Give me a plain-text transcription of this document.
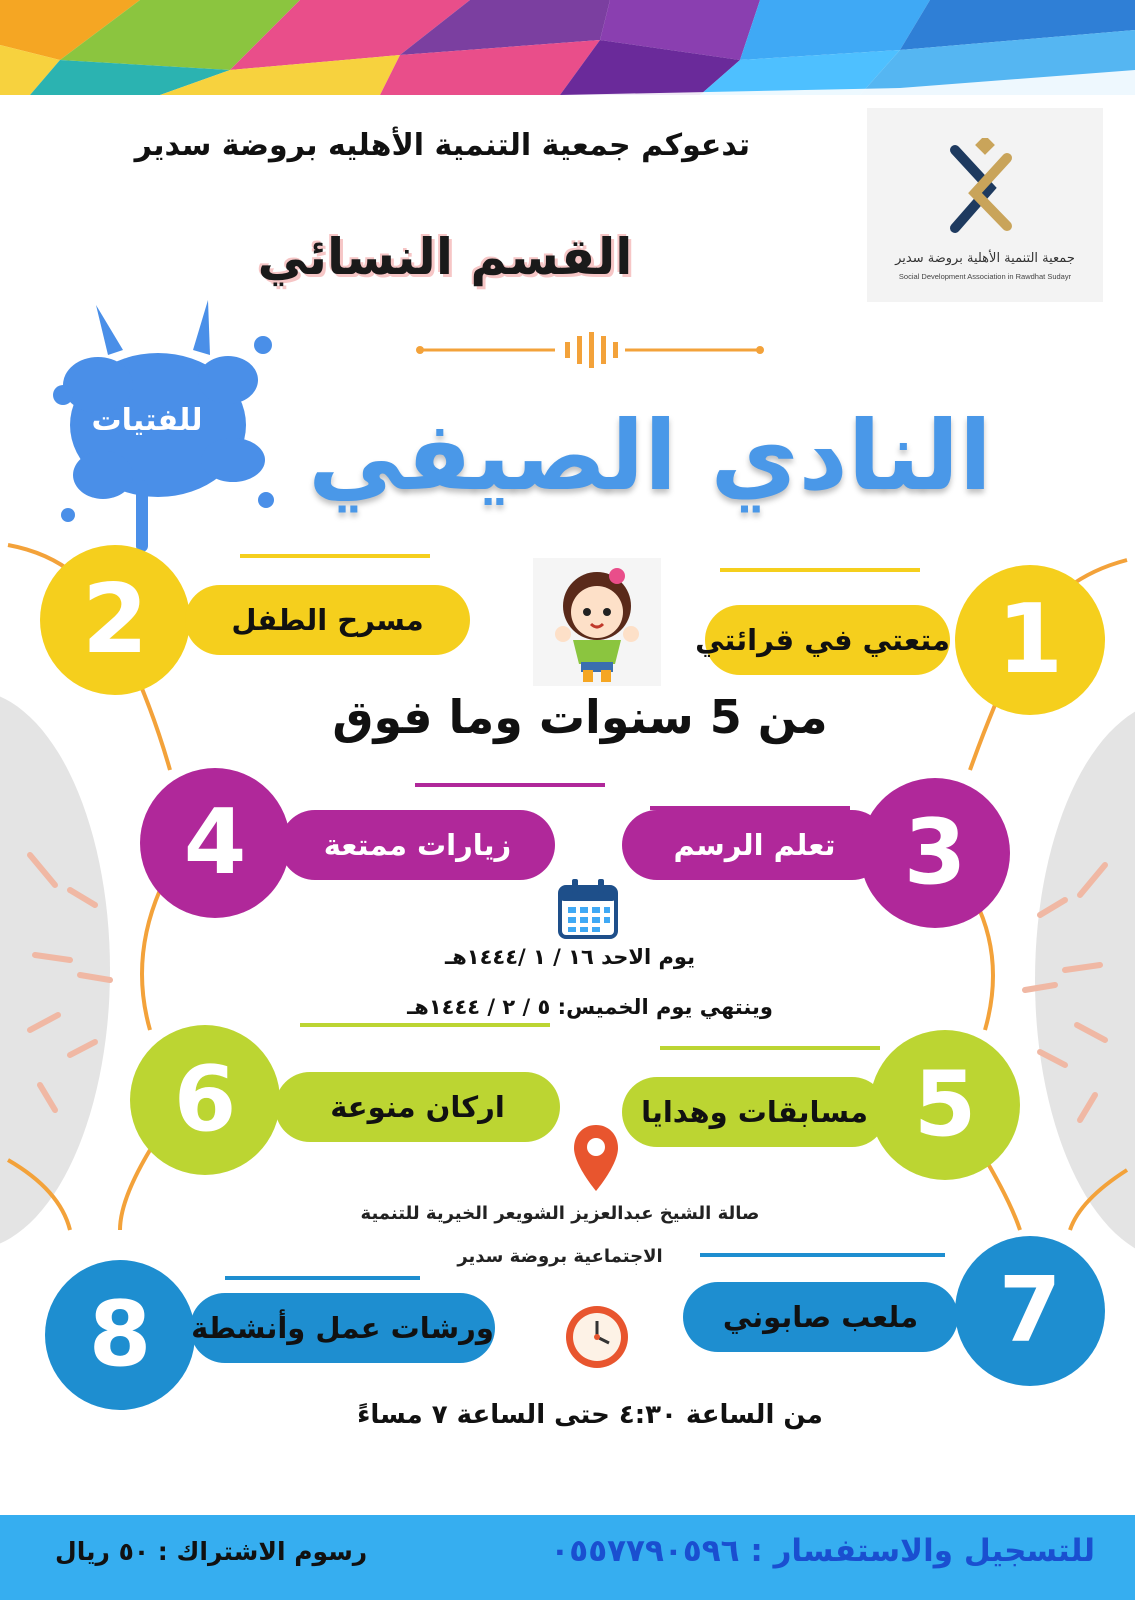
جمعية التنمية الأهلية بروضة سدير
Social Development Association in Rawdhat Sudayr
تدعوكم جمعية التنمية الأهليه بروضة سدير
القسم النسائي
للفتيات	النادي الصيفي
متعتي في قرائتي 1
2	مسرح الطفل
من 5 سنوات وما فوق
تعلم الرسم 3
4	زيارات ممتعة
يوم الاحد ١٦ / ١ /١٤٤٤هـ
وينتهي يوم الخميس: ٥ / ٢ / ١٤٤٤هـ
مسابقات وهدايا 5
6	اركان منوعة
صالة الشيخ عبدالعزيز الشويعر الخيرية للتنمية
الاجتماعية بروضة سدير
ملعب صابوني 7
8	ورشات عمل وأنشطة
من الساعة ٤:٣٠ حتى الساعة ٧ مساءً
للتسجيل والاستفسار : ٠٥٥٧٧٩٠٥٩٦
رسوم الاشتراك : ٥٠ ريال
